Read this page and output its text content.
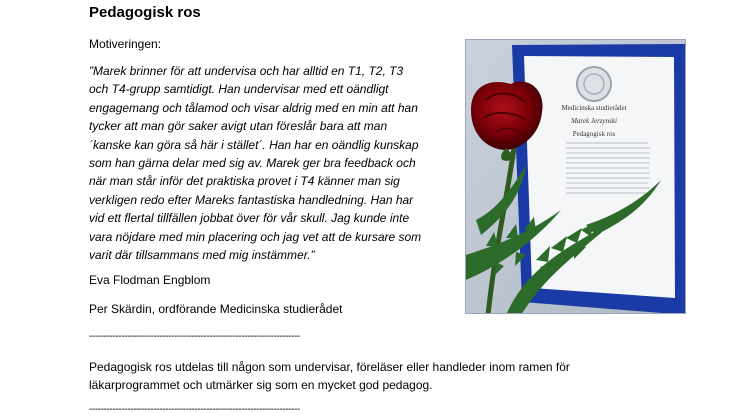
Pedagogisk ros
Motiveringen:
”Marek brinner för att undervisa och har alltid en T1, T2, T3
och T4-grupp samtidigt. Han undervisar med ett oändligt
engagemang och tålamod och visar aldrig med en min att han
tycker att man gör saker avigt utan föreslår bara att man
´kanske kan göra så här i stället´. Han har en oändlig kunskap
som han gärna delar med sig av. Marek ger bra feedback och
när man står inför det praktiska provet i T4 känner man sig
verkligen redo efter Mareks fantastiska handledning. Han har
vid ett flertal tillfällen jobbat över för vår skull. Jag kunde inte
vara nöjdare med min placering och jag vet att de kursare som
varit där tillsammans med mig instämmer.”
Eva Flodman Engblom
Per Skärdin, ordförande Medicinska studierådet
------------------------------------------------------------------------
Pedagogisk ros utdelas till någon som undervisar, föreläser eller handleder inom ramen för läkarprogrammet och utmärker sig som en mycket god pedagog.
------------------------------------------------------------------------
Medicinska studierådet
Marek Jerzynski
Pedagogisk ros
